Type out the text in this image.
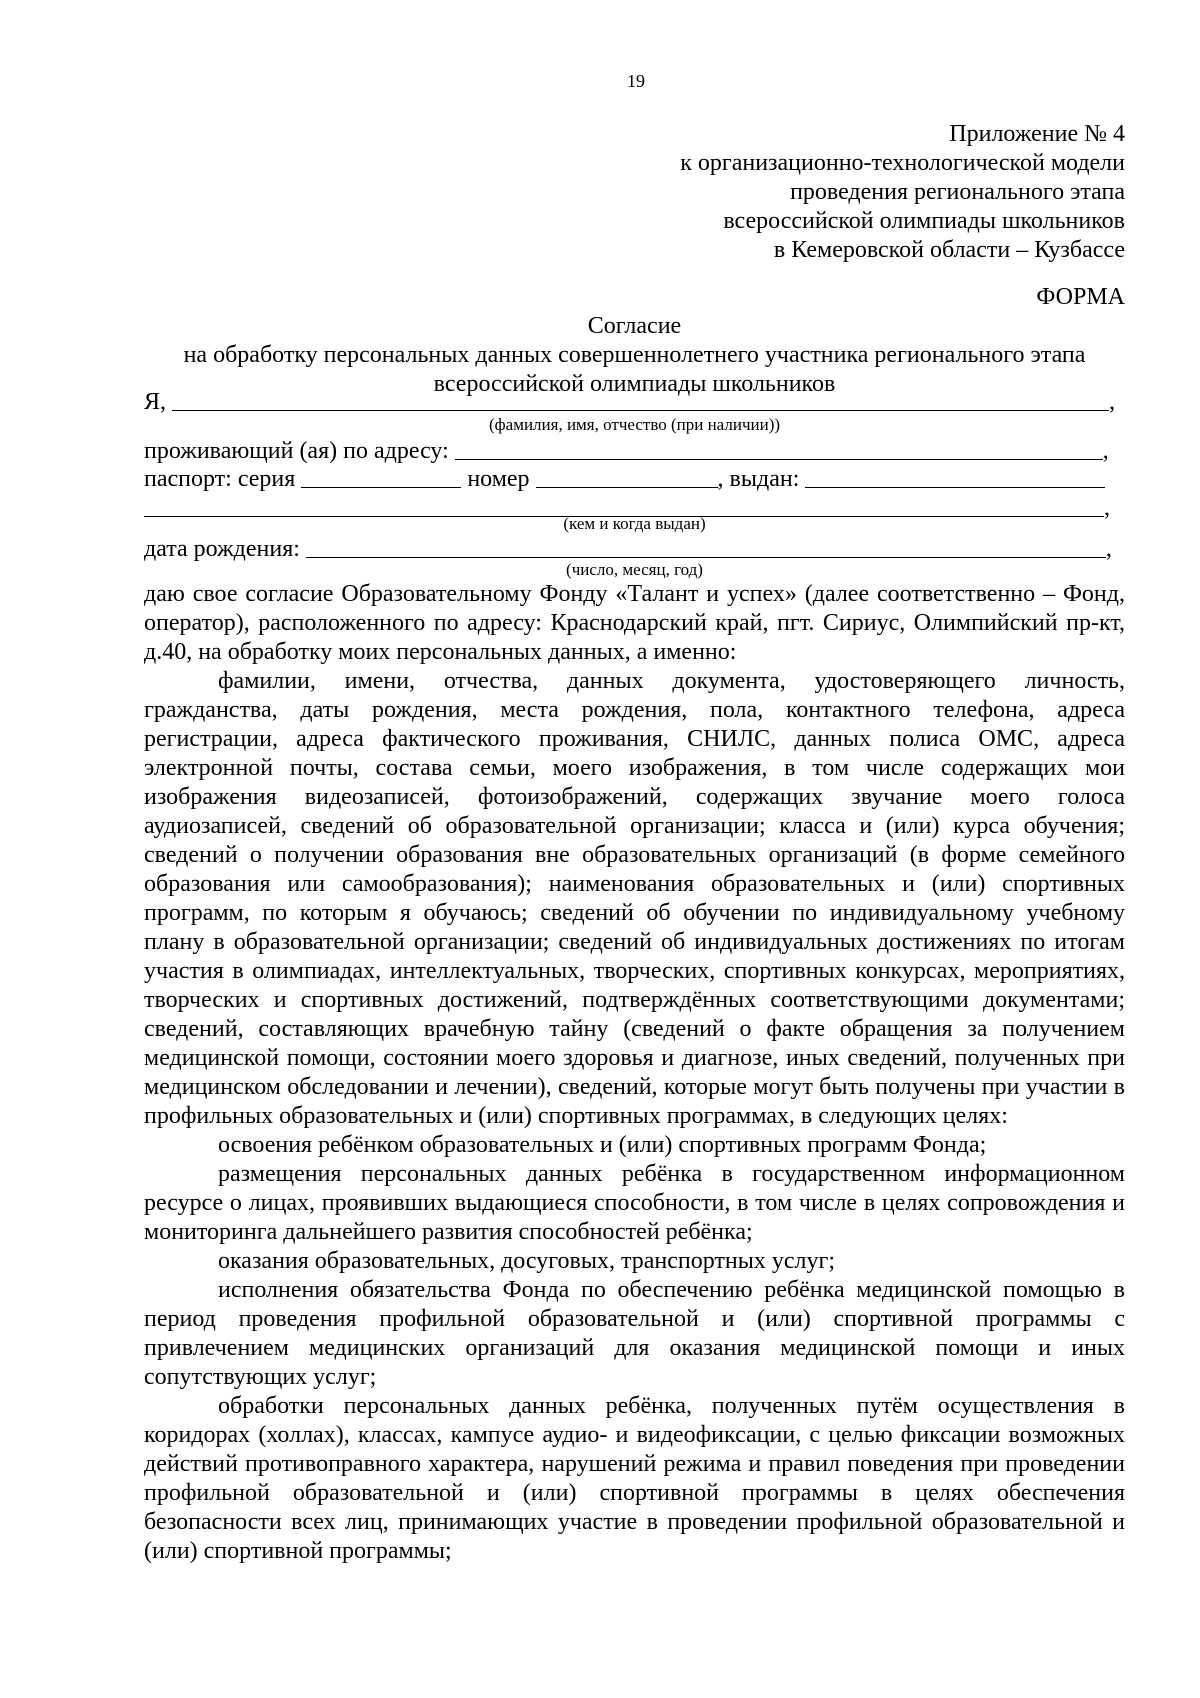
19
Приложение № 4
к организационно-технологической модели
проведения регионального этапа
всероссийской олимпиады школьников
в Кемеровской области – Кузбассе
ФОРМА
Согласие
на обработку персональных данных совершеннолетнего участника регионального этапа
всероссийской олимпиады школьников
Я,	,
(фамилия, имя, отчество (при наличии))
проживающий (ая) по адресу:	,
паспорт: серия	номер	, выдан:
,
(кем и когда выдан)
дата рождения:	,
(число, месяц, год)

даю свое согласие Образовательному Фонду «Талант и успех» (далее соответственно – Фонд, оператор), расположенного по адресу: Краснодарский край, пгт. Сириус, Олимпийский пр-кт, д.40, на обработку моих персональных данных, а именно:

фамилии, имени, отчества, данных документа, удостоверяющего личность, гражданства, даты рождения, места рождения, пола, контактного телефона, адреса регистрации, адреса фактического проживания, СНИЛС, данных полиса ОМС, адреса электронной почты, состава семьи, моего изображения, в том числе содержащих мои изображения видеозаписей, фотоизображений, содержащих звучание моего голоса аудиозаписей, сведений об образовательной организации; класса и (или) курса обучения; сведений о получении образования вне образовательных организаций (в форме семейного образования или самообразования); наименования образовательных и (или) спортивных программ, по которым я обучаюсь; сведений об обучении по индивидуальному учебному плану в образовательной организации; сведений об индивидуальных достижениях по итогам участия в олимпиадах, интеллектуальных, творческих, спортивных конкурсах, мероприятиях, творческих и спортивных достижений, подтверждённых соответствующими документами; сведений, составляющих врачебную тайну (сведений о факте обращения за получением медицинской помощи, состоянии моего здоровья и диагнозе, иных сведений, полученных при медицинском обследовании и лечении), сведений, которые могут быть получены при участии в профильных образовательных и (или) спортивных программах, в следующих целях:

освоения ребёнком образовательных и (или) спортивных программ Фонда;

размещения персональных данных ребёнка в государственном информационном ресурсе о лицах, проявивших выдающиеся способности, в том числе в целях сопровождения и мониторинга дальнейшего развития способностей ребёнка;

оказания образовательных, досуговых, транспортных услуг;

исполнения обязательства Фонда по обеспечению ребёнка медицинской помощью в период проведения профильной образовательной и (или) спортивной программы с привлечением медицинских организаций для оказания медицинской помощи и иных сопутствующих услуг;

обработки персональных данных ребёнка, полученных путём осуществления в коридорах (холлах), классах, кампусе аудио- и видеофиксации, с целью фиксации возможных действий противоправного характера, нарушений режима и правил поведения при проведении профильной образовательной и (или) спортивной программы в целях обеспечения безопасности всех лиц, принимающих участие в проведении профильной образовательной и (или) спортивной программы;
